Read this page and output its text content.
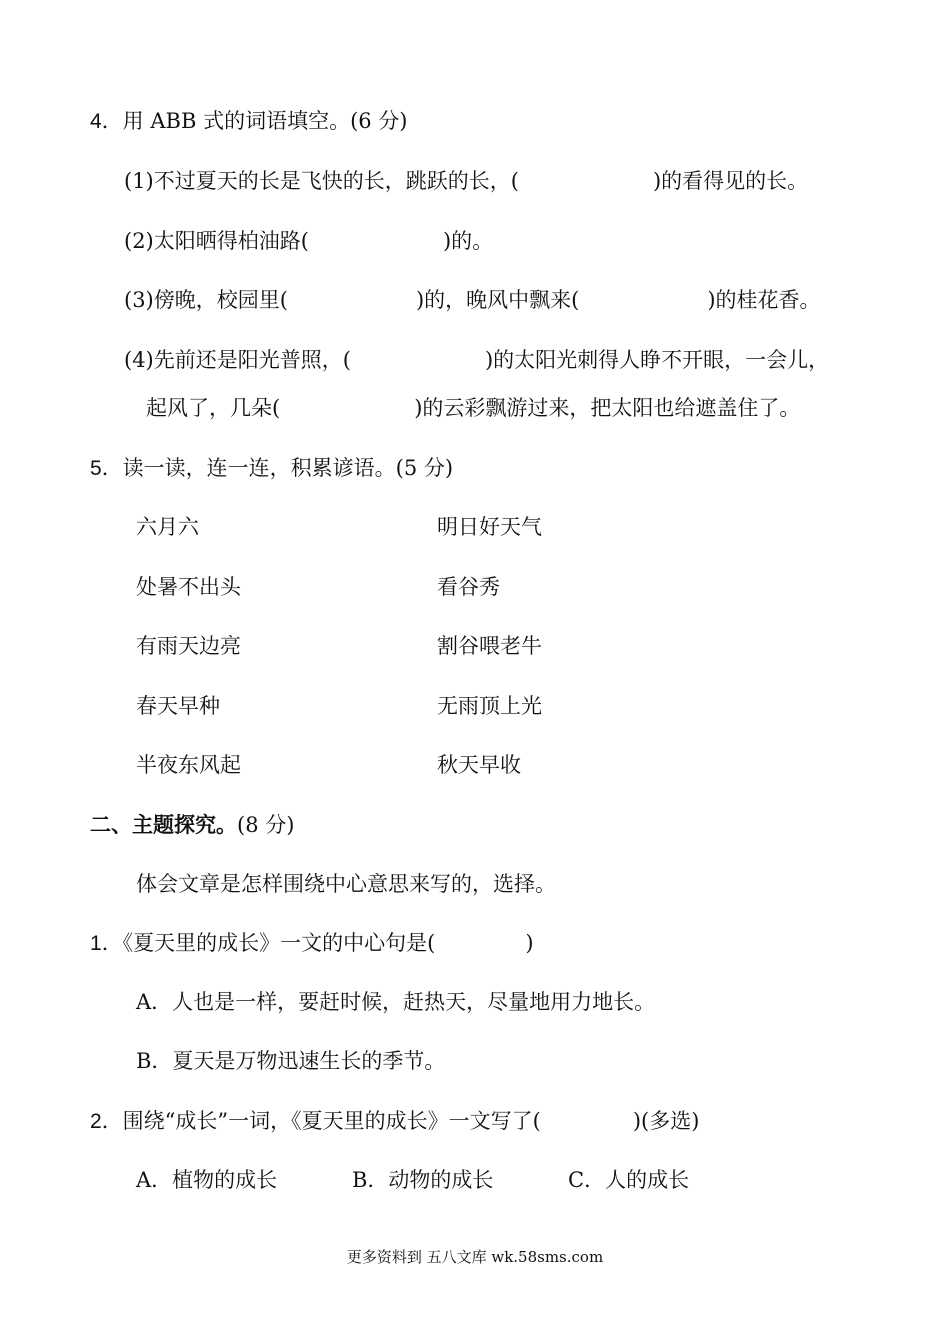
4．用 ABB 式的词语填空。(6 分)
(1)不过夏天的长是飞快的长，跳跃的长，(	)的看得见的长。
(2)太阳晒得柏油路(	)的。
(3)傍晚，校园里(	)的，晚风中飘来(	)的桂花香。
(4)先前还是阳光普照，(	)的太阳光刺得人睁不开眼，一会儿，
起风了，几朵(	)的云彩飘游过来，把太阳也给遮盖住了。
5．读一读，连一连，积累谚语。(5 分)
六月六	明日好天气
处暑不出头	看谷秀
有雨天边亮	割谷喂老牛
春天早种	无雨顶上光
半夜东风起	秋天早收
二、主题探究。(8 分)
体会文章是怎样围绕中心意思来写的，选择。
1．《夏天里的成长》一文的中心句是(	)
A．人也是一样，要赶时候，赶热天，尽量地用力地长。
B．夏天是万物迅速生长的季节。
2．围绕“成长”一词，《夏天里的成长》一文写了(	)(多选)
A．植物的成长	B．动物的成长	C．人的成长
更多资料到 五八文库 wk.58sms.com
